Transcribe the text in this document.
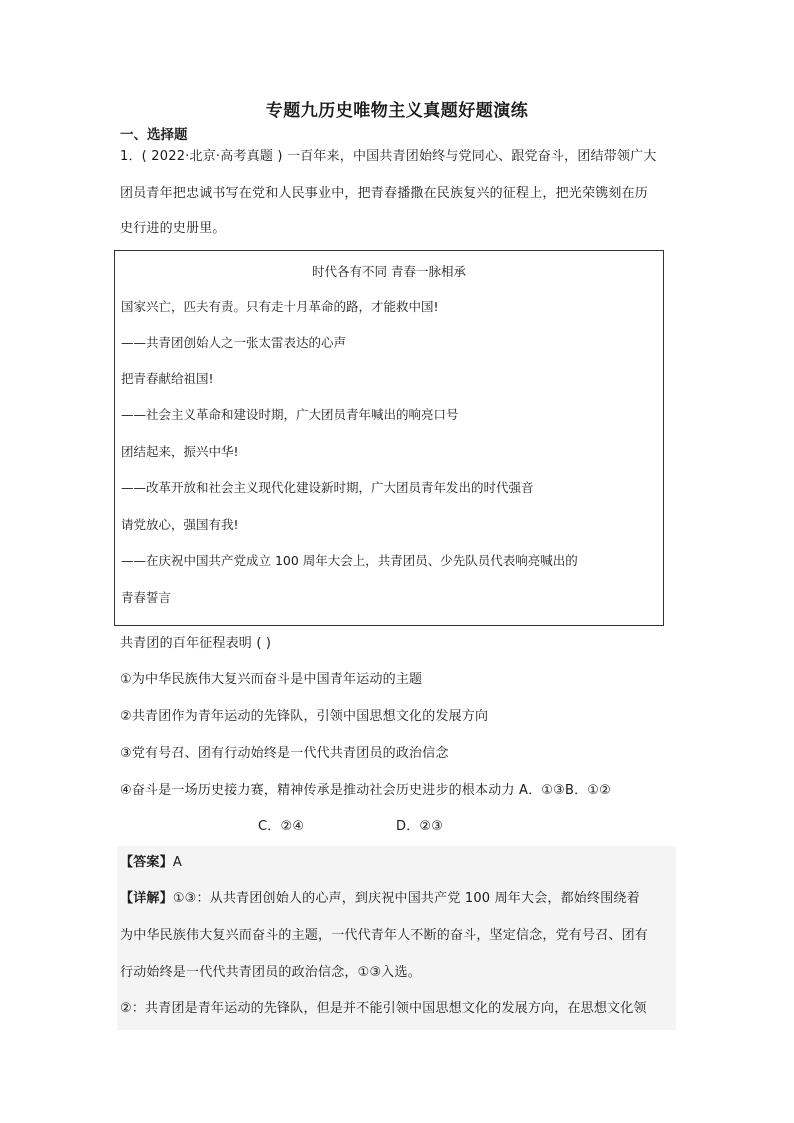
专题九历史唯物主义真题好题演练
一、选择题
1．( 2022·北京·高考真题 ) 一百年来，中国共青团始终与党同心、跟党奋斗，团结带领广大
团员青年把忠诚书写在党和人民事业中，把青春播撒在民族复兴的征程上，把光荣镌刻在历
史行进的史册里。
时代各有不同 青春一脉相承
国家兴亡，匹夫有责。只有走十月革命的路，才能救中国!
——共青团创始人之一张太雷表达的心声
把青春献给祖国!
——社会主义革命和建设时期，广大团员青年喊出的响亮口号
团结起来，振兴中华!
——改革开放和社会主义现代化建设新时期，广大团员青年发出的时代强音
请党放心，强国有我!
——在庆祝中国共产党成立 100 周年大会上，共青团员、少先队员代表响亮喊出的
青春誓言
共青团的百年征程表明 ( )
①为中华民族伟大复兴而奋斗是中国青年运动的主题
②共青团作为青年运动的先锋队，引领中国思想文化的发展方向
③党有号召、团有行动始终是一代代共青团员的政治信念
④奋斗是一场历史接力赛，精神传承是推动社会历史进步的根本动力 A．①③B．①②
C．②④	D．②③
【答案】A
【详解】①③：从共青团创始人的心声，到庆祝中国共产党 100 周年大会，都始终围绕着
为中华民族伟大复兴而奋斗的主题，一代代青年人不断的奋斗，坚定信念，党有号召、团有
行动始终是一代代共青团员的政治信念，①③入选。
②：共青团是青年运动的先锋队，但是并不能引领中国思想文化的发展方向，在思想文化领
